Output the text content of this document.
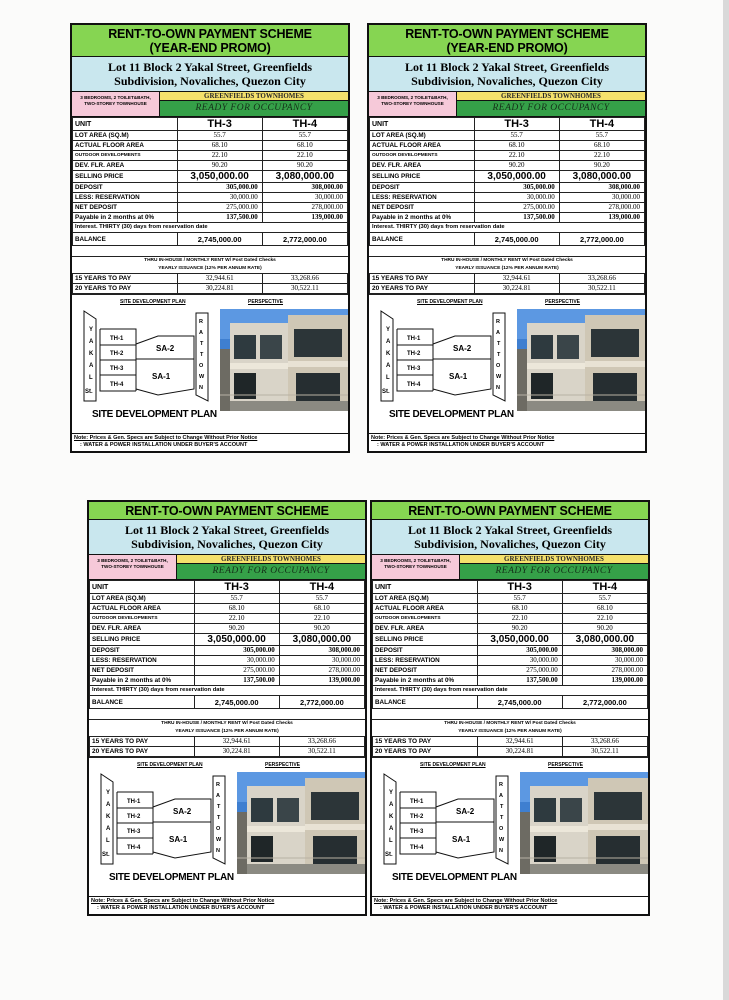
RENT-TO-OWN PAYMENT SCHEME
(YEAR-END PROMO)
Lot 11 Block 2 Yakal Street, Greenfields
Subdivision, Novaliches, Quezon City
3 BEDROOMS, 2 TOILET&BATH, TWO-STOREY TOWNHOUSE
GREENFIELDS TOWNHOMES
READY FOR OCCUPANCY
UNIT	TH-3	TH-4
LOT AREA (SQ.M)	55.7	55.7
ACTUAL FLOOR AREA	68.10	68.10
OUTDOOR DEVELOPMENTS	22.10	22.10
DEV. FLR. AREA	90.20	90.20
SELLING PRICE	3,050,000.00	3,080,000.00
DEPOSIT	305,000.00	308,000.00
LESS: RESERVATION	30,000.00	30,000.00
NET DEPOSIT	275,000.00	278,000.00
Payable in 2 months at 0%	137,500.00	139,000.00
Interest. THIRTY (30) days from reservation date		
BALANCE	2,745,000.00	2,772,000.00
THRU IN-HOUSE / MONTHLY RENT W/ Post Dated Checks
YEARLY ISSUANCE (12% PER ANNUM RATE)
15 YEARS TO PAY	32,944.61	33,268.66
20 YEARS TO PAY	30,224.81	30,522.11
SITE DEVELOPMENT PLAN	PERSPECTIVE
Y
A
K
A
L
St.
TH-1
TH-2
TH-3
TH-4
SA-2
SA-1
R
A
T
T
O
W
N
SITE DEVELOPMENT PLAN
Note: Prices & Gen. Specs are Subject to Change Without Prior Notice
: WATER & POWER INSTALLATION UNDER BUYER'S ACCOUNT
RENT-TO-OWN PAYMENT SCHEME
(YEAR-END PROMO)
Lot 11 Block 2 Yakal Street, Greenfields
Subdivision, Novaliches, Quezon City
3 BEDROOMS, 2 TOILET&BATH, TWO-STOREY TOWNHOUSE
GREENFIELDS TOWNHOMES
READY FOR OCCUPANCY
UNIT	TH-3	TH-4
LOT AREA (SQ.M)	55.7	55.7
ACTUAL FLOOR AREA	68.10	68.10
OUTDOOR DEVELOPMENTS	22.10	22.10
DEV. FLR. AREA	90.20	90.20
SELLING PRICE	3,050,000.00	3,080,000.00
DEPOSIT	305,000.00	308,000.00
LESS: RESERVATION	30,000.00	30,000.00
NET DEPOSIT	275,000.00	278,000.00
Payable in 2 months at 0%	137,500.00	139,000.00
Interest. THIRTY (30) days from reservation date		
BALANCE	2,745,000.00	2,772,000.00
THRU IN-HOUSE / MONTHLY RENT W/ Post Dated Checks
YEARLY ISSUANCE (12% PER ANNUM RATE)
15 YEARS TO PAY	32,944.61	33,268.66
20 YEARS TO PAY	30,224.81	30,522.11
SITE DEVELOPMENT PLAN	PERSPECTIVE
Y
A
K
A
L
St.
TH-1
TH-2
TH-3
TH-4
SA-2
SA-1
R
A
T
T
O
W
N
SITE DEVELOPMENT PLAN
Note: Prices & Gen. Specs are Subject to Change Without Prior Notice
: WATER & POWER INSTALLATION UNDER BUYER'S ACCOUNT
RENT-TO-OWN PAYMENT SCHEME
Lot 11 Block 2 Yakal Street, Greenfields
Subdivision, Novaliches, Quezon City
3 BEDROOMS, 2 TOILET&BATH, TWO-STOREY TOWNHOUSE
GREENFIELDS TOWNHOMES
READY FOR OCCUPANCY
UNIT	TH-3	TH-4
LOT AREA (SQ.M)	55.7	55.7
ACTUAL FLOOR AREA	68.10	68.10
OUTDOOR DEVELOPMENTS	22.10	22.10
DEV. FLR. AREA	90.20	90.20
SELLING PRICE	3,050,000.00	3,080,000.00
DEPOSIT	305,000.00	308,000.00
LESS: RESERVATION	30,000.00	30,000.00
NET DEPOSIT	275,000.00	278,000.00
Payable in 2 months at 0%	137,500.00	139,000.00
Interest. THIRTY (30) days from reservation date		
BALANCE	2,745,000.00	2,772,000.00
THRU IN-HOUSE / MONTHLY RENT W/ Post Dated Checks
YEARLY ISSUANCE (12% PER ANNUM RATE)
15 YEARS TO PAY	32,944.61	33,268.66
20 YEARS TO PAY	30,224.81	30,522.11
SITE DEVELOPMENT PLAN	PERSPECTIVE
Y
A
K
A
L
St.
TH-1
TH-2
TH-3
TH-4
SA-2
SA-1
R
A
T
T
O
W
N
SITE DEVELOPMENT PLAN
Note: Prices & Gen. Specs are Subject to Change Without Prior Notice
: WATER & POWER INSTALLATION UNDER BUYER'S ACCOUNT
RENT-TO-OWN PAYMENT SCHEME
Lot 11 Block 2 Yakal Street, Greenfields
Subdivision, Novaliches, Quezon City
3 BEDROOMS, 2 TOILET&BATH, TWO-STOREY TOWNHOUSE
GREENFIELDS TOWNHOMES
READY FOR OCCUPANCY
UNIT	TH-3	TH-4
LOT AREA (SQ.M)	55.7	55.7
ACTUAL FLOOR AREA	68.10	68.10
OUTDOOR DEVELOPMENTS	22.10	22.10
DEV. FLR. AREA	90.20	90.20
SELLING PRICE	3,050,000.00	3,080,000.00
DEPOSIT	305,000.00	308,000.00
LESS: RESERVATION	30,000.00	30,000.00
NET DEPOSIT	275,000.00	278,000.00
Payable in 2 months at 0%	137,500.00	139,000.00
Interest. THIRTY (30) days from reservation date		
BALANCE	2,745,000.00	2,772,000.00
THRU IN-HOUSE / MONTHLY RENT W/ Post Dated Checks
YEARLY ISSUANCE (12% PER ANNUM RATE)
15 YEARS TO PAY	32,944.61	33,268.66
20 YEARS TO PAY	30,224.81	30,522.11
SITE DEVELOPMENT PLAN	PERSPECTIVE
Y
A
K
A
L
St.
TH-1
TH-2
TH-3
TH-4
SA-2
SA-1
R
A
T
T
O
W
N
SITE DEVELOPMENT PLAN
Note: Prices & Gen. Specs are Subject to Change Without Prior Notice
: WATER & POWER INSTALLATION UNDER BUYER'S ACCOUNT
